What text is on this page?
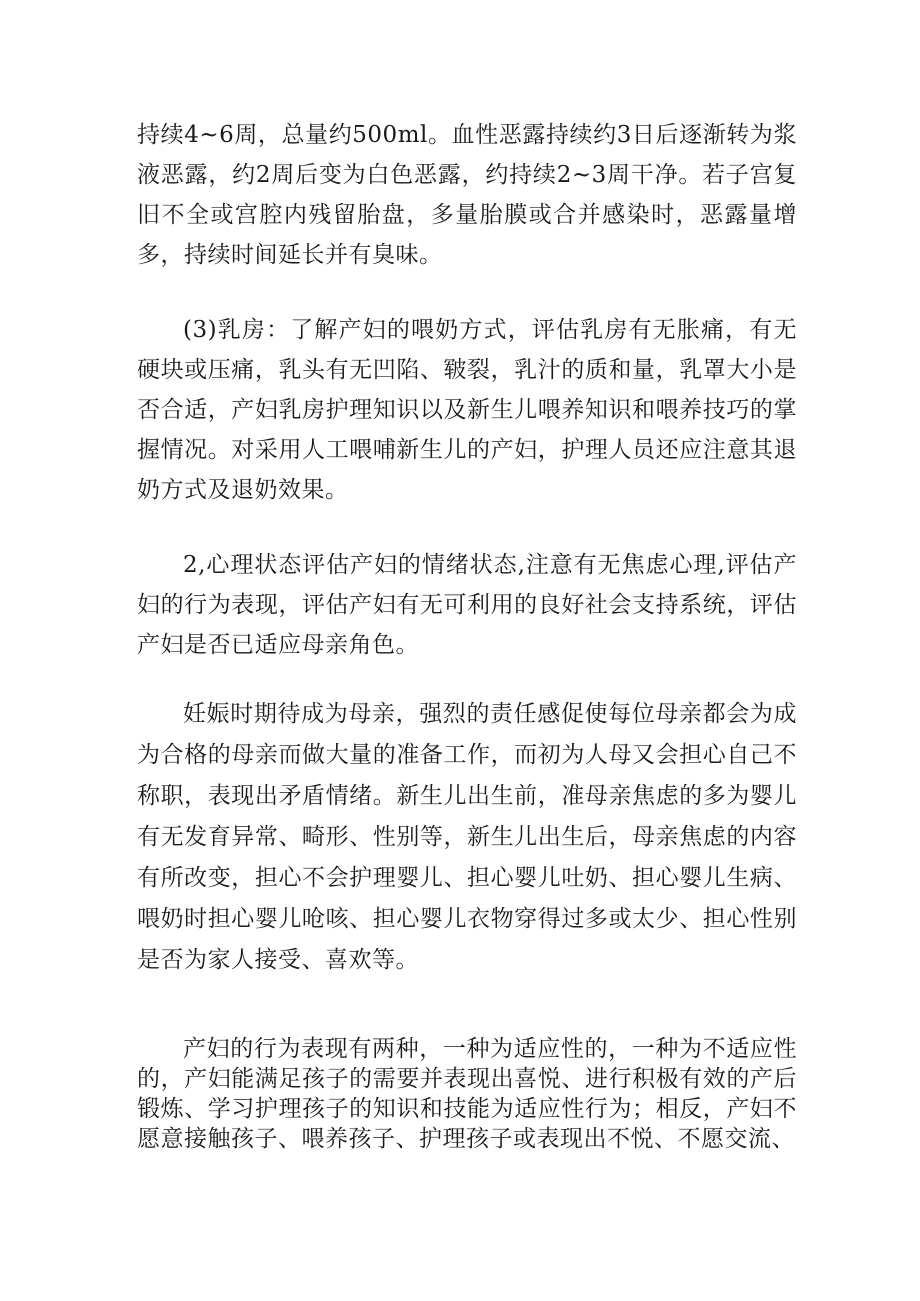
持续4~6周，总量约500ml。血性恶露持续约3日后逐渐转为浆液恶露，约2周后变为白色恶露，约持续2~3周干净。若子宫复旧不全或宫腔内残留胎盘，多量胎膜或合并感染时，恶露量增多，持续时间延长并有臭味。

(3)乳房：了解产妇的喂奶方式，评估乳房有无胀痛，有无硬块或压痛，乳头有无凹陷、皲裂，乳汁的质和量，乳罩大小是否合适，产妇乳房护理知识以及新生儿喂养知识和喂养技巧的掌握情况。对采用人工喂哺新生儿的产妇，护理人员还应注意其退奶方式及退奶效果。

2,心理状态评估产妇的情绪状态,注意有无焦虑心理,评估产妇的行为表现，评估产妇有无可利用的良好社会支持系统，评估产妇是否已适应母亲角色。

妊娠时期待成为母亲，强烈的责任感促使每位母亲都会为成为合格的母亲而做大量的准备工作，而初为人母又会担心自己不称职，表现出矛盾情绪。新生儿出生前，准母亲焦虑的多为婴儿有无发育异常、畸形、性别等，新生儿出生后，母亲焦虑的内容有所改变，担心不会护理婴儿、担心婴儿吐奶、担心婴儿生病、喂奶时担心婴儿呛咳、担心婴儿衣物穿得过多或太少、担心性别是否为家人接受、喜欢等。

产妇的行为表现有两种，一种为适应性的，一种为不适应性的，产妇能满足孩子的需要并表现出喜悦、进行积极有效的产后锻炼、学习护理孩子的知识和技能为适应性行为；相反，产妇不愿意接触孩子、喂养孩子、护理孩子或表现出不悦、不愿交流、
